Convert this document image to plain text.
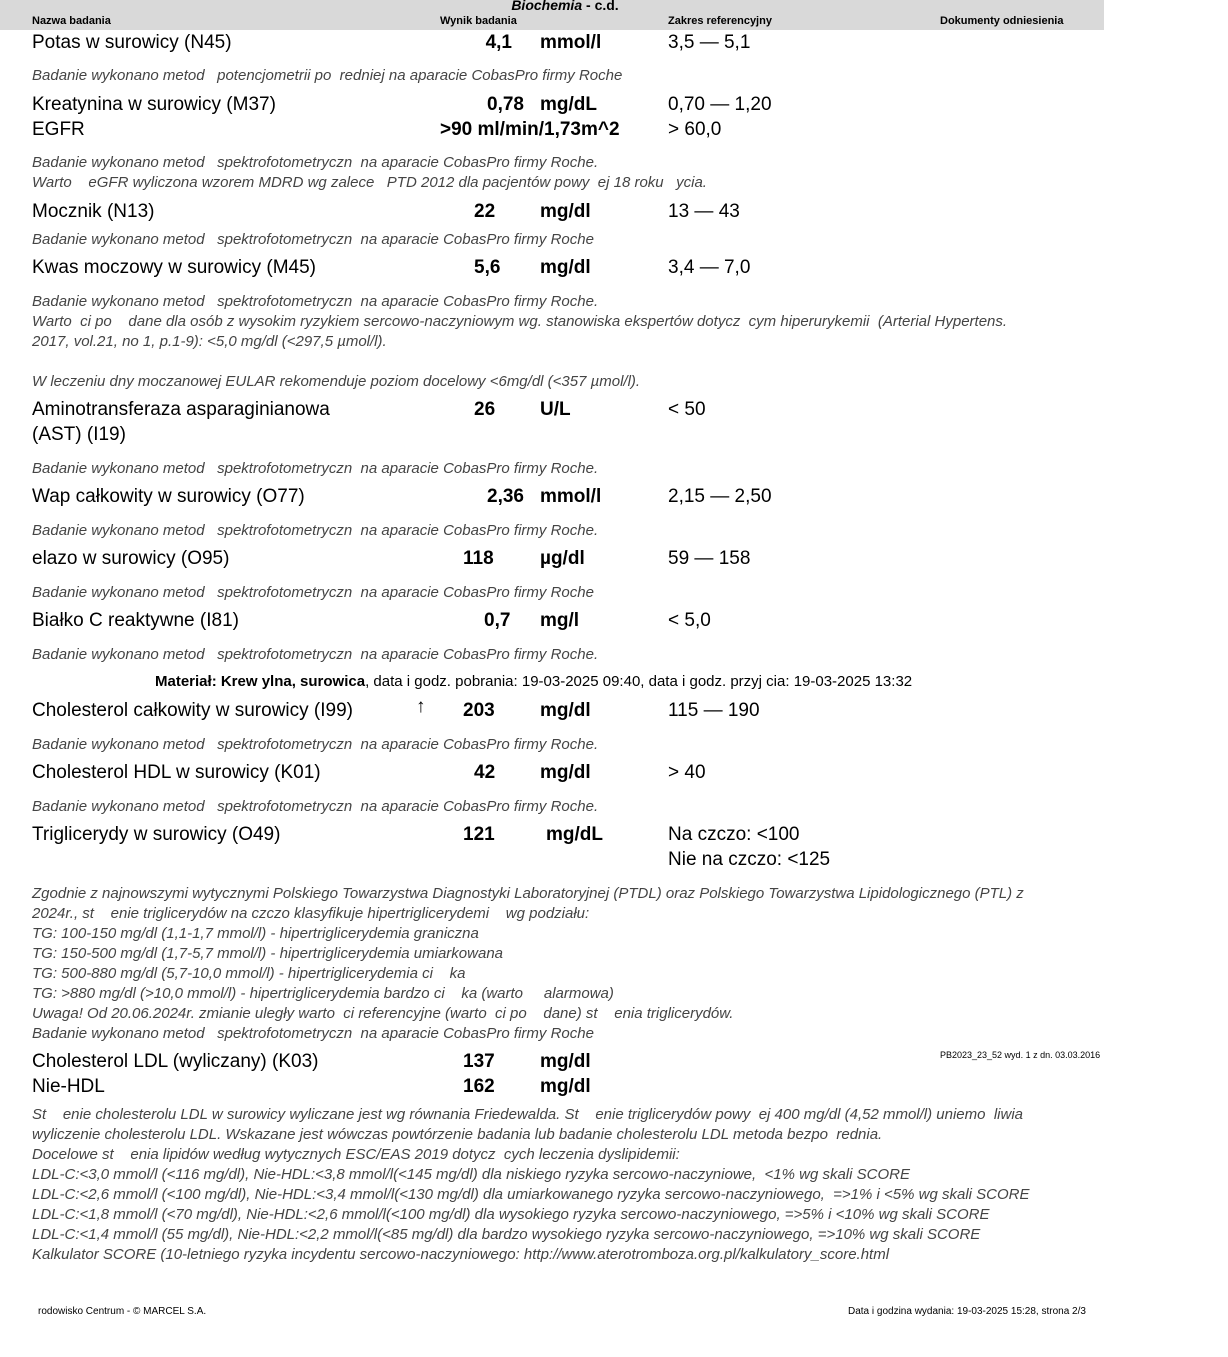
Biochemia - c.d.
Nazwa badania	Wynik badania	Zakres referencyjny	Dokumenty odniesienia
Potas w surowicy (N45)	4,1 mmol/l	3,5 — 5,1
Badanie wykonano metod   potencjometrii po  redniej na aparacie CobasPro firmy Roche
Kreatynina w surowicy (M37)	0,78 mg/dL	0,70 — 1,20
EGFR	>90 ml/min/1,73m^2	> 60,0
Badanie wykonano metod   spektrofotometryczn  na aparacie CobasPro firmy Roche.
Warto    eGFR wyliczona wzorem MDRD wg zalece   PTD 2012 dla pacjentów powy  ej 18 roku   ycia.
Mocznik (N13)	22 mg/dl	13 — 43
Badanie wykonano metod   spektrofotometryczn  na aparacie CobasPro firmy Roche
Kwas moczowy w surowicy (M45)	5,6 mg/dl	3,4 — 7,0
Badanie wykonano metod   spektrofotometryczn  na aparacie CobasPro firmy Roche.
Warto  ci po    dane dla osób z wysokim ryzykiem sercowo-naczyniowym wg. stanowiska ekspertów dotycz  cym hiperurykemii  (Arterial Hypertens.
2017, vol.21, no 1, p.1-9): <5,0 mg/dl (<297,5 µmol/l).
W leczeniu dny moczanowej EULAR rekomenduje poziom docelowy <6mg/dl (<357 µmol/l).
Aminotransferaza asparaginianowa
(AST) (I19)
26 U/L	< 50
Badanie wykonano metod   spektrofotometryczn  na aparacie CobasPro firmy Roche.
Wap całkowity w surowicy (O77)	2,36 mmol/l	2,15 — 2,50
Badanie wykonano metod   spektrofotometryczn  na aparacie CobasPro firmy Roche.
elazo w surowicy (O95)	118 µg/dl	59 — 158
Badanie wykonano metod   spektrofotometryczn  na aparacie CobasPro firmy Roche
Białko C reaktywne (I81)	0,7 mg/l	< 5,0
Badanie wykonano metod   spektrofotometryczn  na aparacie CobasPro firmy Roche.
Materiał: Krew ylna, surowica, data i godz. pobrania: 19-03-2025 09:40, data i godz. przyj cia: 19-03-2025 13:32
Cholesterol całkowity w surowicy (I99)	↑ 203 mg/dl	115 — 190
Badanie wykonano metod   spektrofotometryczn  na aparacie CobasPro firmy Roche.
Cholesterol HDL w surowicy (K01)	42 mg/dl	> 40
Badanie wykonano metod   spektrofotometryczn  na aparacie CobasPro firmy Roche.
Triglicerydy w surowicy (O49)	121	mg/dL	Na czczo: <100
Nie na czczo: <125
Zgodnie z najnowszymi wytycznymi Polskiego Towarzystwa Diagnostyki Laboratoryjnej (PTDL) oraz Polskiego Towarzystwa Lipidologicznego (PTL) z
2024r., st    enie triglicerydów na czczo klasyfikuje hipertriglicerydemi    wg podziału:
TG: 100-150 mg/dl (1,1-1,7 mmol/l) - hipertriglicerydemia graniczna
TG: 150-500 mg/dl (1,7-5,7 mmol/l) - hipertriglicerydemia umiarkowana
TG: 500-880 mg/dl (5,7-10,0 mmol/l) - hipertriglicerydemia ci    ka
TG: >880 mg/dl (>10,0 mmol/l) - hipertriglicerydemia bardzo ci    ka (warto     alarmowa)
Uwaga! Od 20.06.2024r. zmianie uległy warto  ci referencyjne (warto  ci po    dane) st    enia triglicerydów.
Badanie wykonano metod   spektrofotometryczn  na aparacie CobasPro firmy Roche
Cholesterol LDL (wyliczany) (K03)	137 mg/dl	PB2023_23_52 wyd. 1 z dn. 03.03.2016
Nie-HDL	162 mg/dl
St    enie cholesterolu LDL w surowicy wyliczane jest wg równania Friedewalda. St    enie triglicerydów powy  ej 400 mg/dl (4,52 mmol/l) uniemo  liwia
wyliczenie cholesterolu LDL. Wskazane jest wówczas powtórzenie badania lub badanie cholesterolu LDL metoda bezpo  rednia.
Docelowe st    enia lipidów według wytycznych ESC/EAS 2019 dotycz  cych leczenia dyslipidemii:
LDL-C:<3,0 mmol/l (<116 mg/dl), Nie-HDL:<3,8 mmol/l(<145 mg/dl) dla niskiego ryzyka sercowo-naczyniowe,  <1% wg skali SCORE
LDL-C:<2,6 mmol/l (<100 mg/dl), Nie-HDL:<3,4 mmol/l(<130 mg/dl) dla umiarkowanego ryzyka sercowo-naczyniowego,  =>1% i <5% wg skali SCORE
LDL-C:<1,8 mmol/l (<70 mg/dl), Nie-HDL:<2,6 mmol/l(<100 mg/dl) dla wysokiego ryzyka sercowo-naczyniowego, =>5% i <10% wg skali SCORE
LDL-C:<1,4 mmol/l (55 mg/dl), Nie-HDL:<2,2 mmol/l(<85 mg/dl) dla bardzo wysokiego ryzyka sercowo-naczyniowego, =>10% wg skali SCORE
Kalkulator SCORE (10-letniego ryzyka incydentu sercowo-naczyniowego: http://www.aterotromboza.org.pl/kalkulatory_score.html
rodowisko Centrum - © MARCEL S.A.	Data i godzina wydania: 19-03-2025 15:28, strona 2/3
